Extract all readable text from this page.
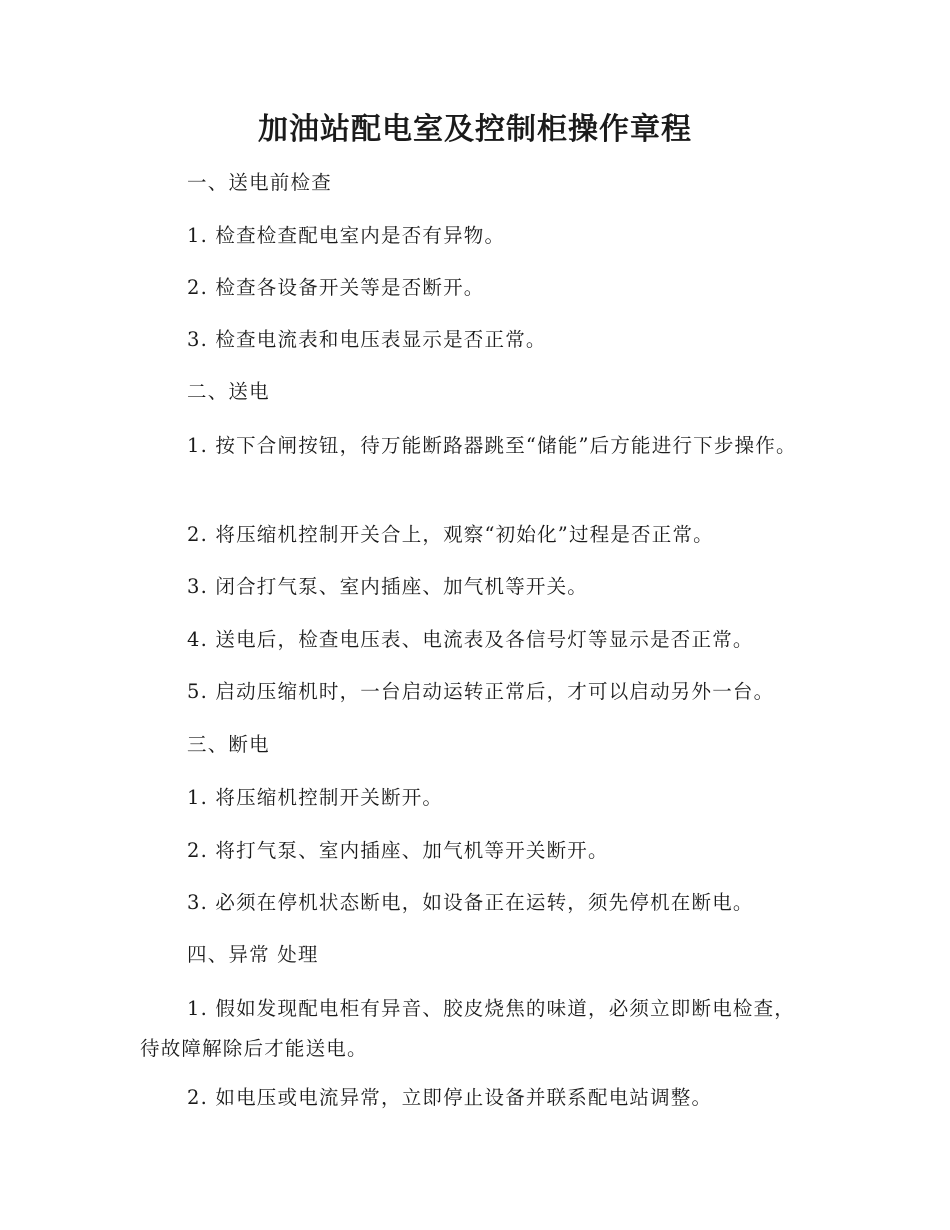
加油站配电室及控制柜操作章程
一、送电前检查
1. 检查检查配电室内是否有异物。
2. 检查各设备开关等是否断开。
3. 检查电流表和电压表显示是否正常。
二、送电
1. 按下合闸按钮，待万能断路器跳至“储能”后方能进行下步操作。
2. 将压缩机控制开关合上，观察“初始化”过程是否正常。
3. 闭合打气泵、室内插座、加气机等开关。
4. 送电后，检查电压表、电流表及各信号灯等显示是否正常。
5. 启动压缩机时，一台启动运转正常后，才可以启动另外一台。
三、断电
1. 将压缩机控制开关断开。
2. 将打气泵、室内插座、加气机等开关断开。
3. 必须在停机状态断电，如设备正在运转，须先停机在断电。
四、异常 处理
1. 假如发现配电柜有异音、胶皮烧焦的味道，必须立即断电检查，待故障解除后才能送电。
2. 如电压或电流异常，立即停止设备并联系配电站调整。
